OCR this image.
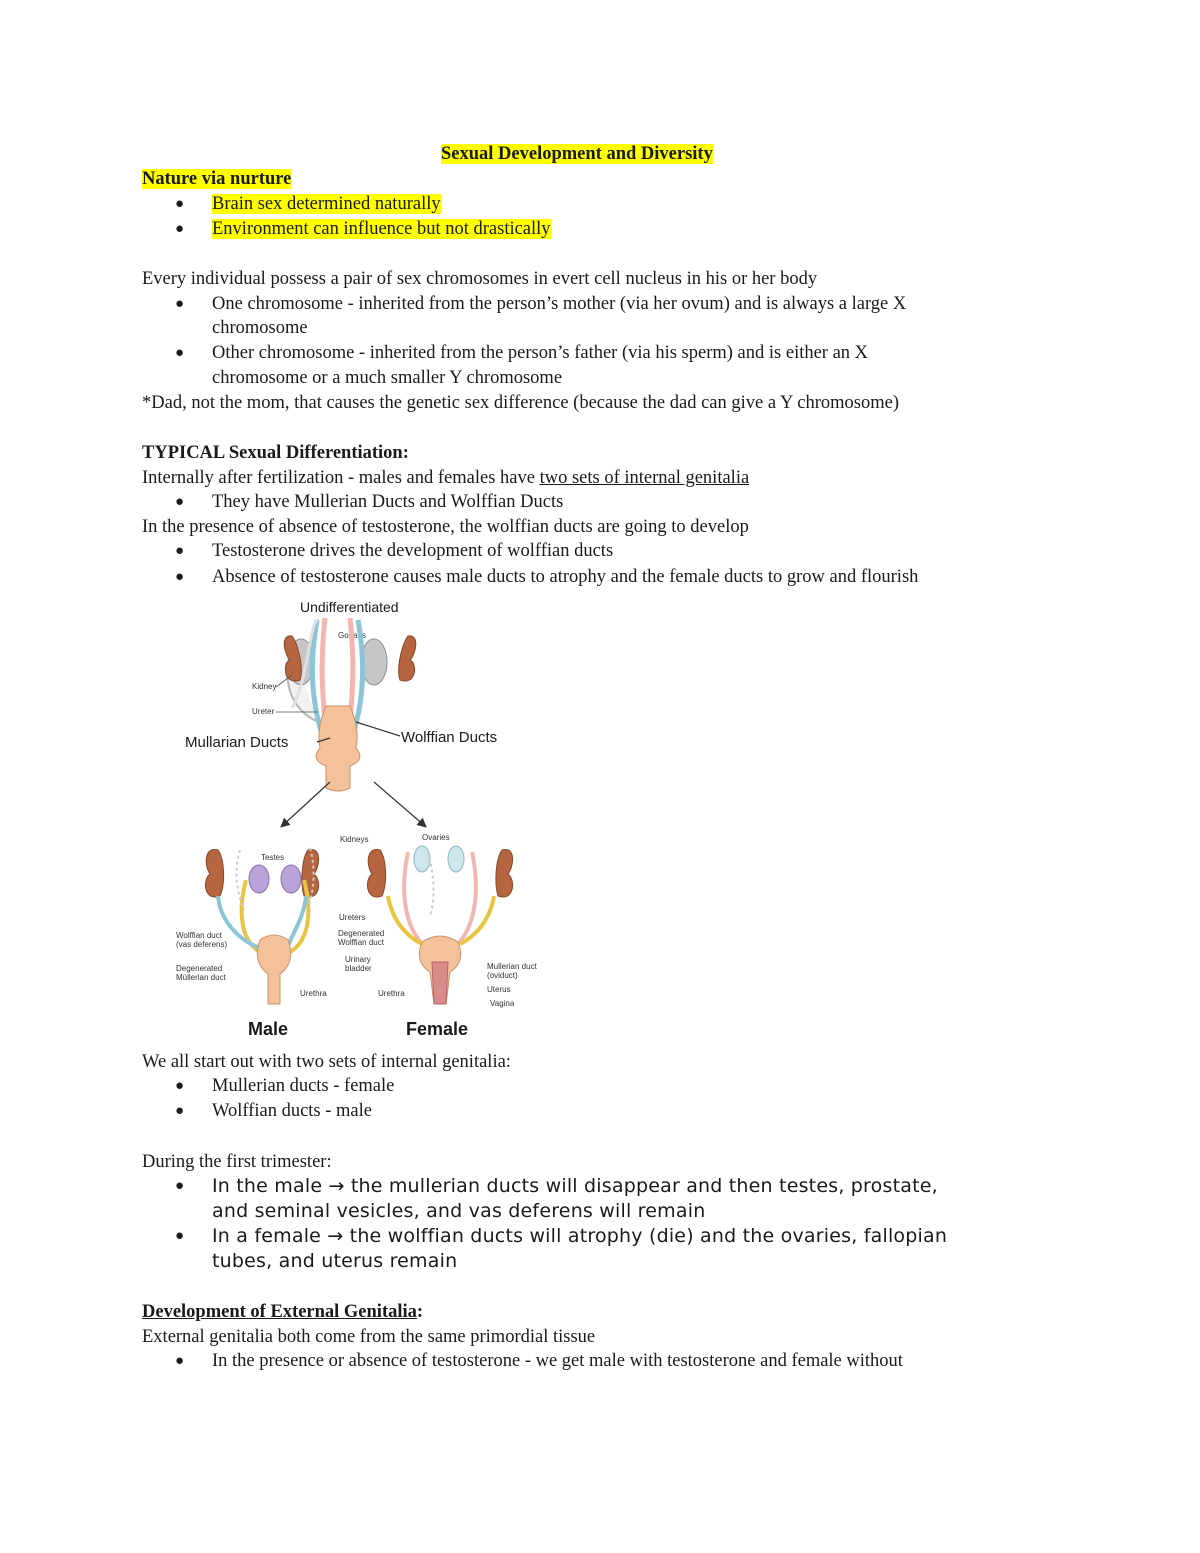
Sexual Development and Diversity
Nature via nurture
● Brain sex determined naturally
● Environment can influence but not drastically
Every individual possess a pair of sex chromosomes in evert cell nucleus in his or her body
● One chromosome - inherited from the person’s mother (via her ovum) and is always a large X
chromosome
● Other chromosome - inherited from the person’s father (via his sperm) and is either an X
chromosome or a much smaller Y chromosome
*Dad, not the mom, that causes the genetic sex difference (because the dad can give a Y chromosome)
TYPICAL Sexual Differentiation:
Internally after fertilization - males and females have two sets of internal genitalia
● They have Mullerian Ducts and Wolffian Ducts
In the presence of absence of testosterone, the wolffian ducts are going to develop
● Testosterone drives the development of wolffian ducts
● Absence of testosterone causes male ducts to atrophy and the female ducts to grow and flourish
Undifferentiated
Gonads
Kidney
Ureter
Mullarian Ducts	Wolffian Ducts
Testes
Kidneys
Wolffian duct
(vas deferens)
Degenerated
Müllerian duct
Urethra
Male
Ureters
Degenerated
Wolffian duct
Urinary
bladder
Ovaries
Mullerian duct
(oviduct)
Uterus
Urethra
Vagina
Female
We all start out with two sets of internal genitalia:
● Mullerian ducts - female
● Wolffian ducts - male
During the first trimester:
● In the male → the mullerian ducts will disappear and then testes, prostate,
and seminal vesicles, and vas deferens will remain
● In a female → the wolffian ducts will atrophy (die) and the ovaries, fallopian
tubes, and uterus remain
Development of External Genitalia:
External genitalia both come from the same primordial tissue
● In the presence or absence of testosterone - we get male with testosterone and female without
